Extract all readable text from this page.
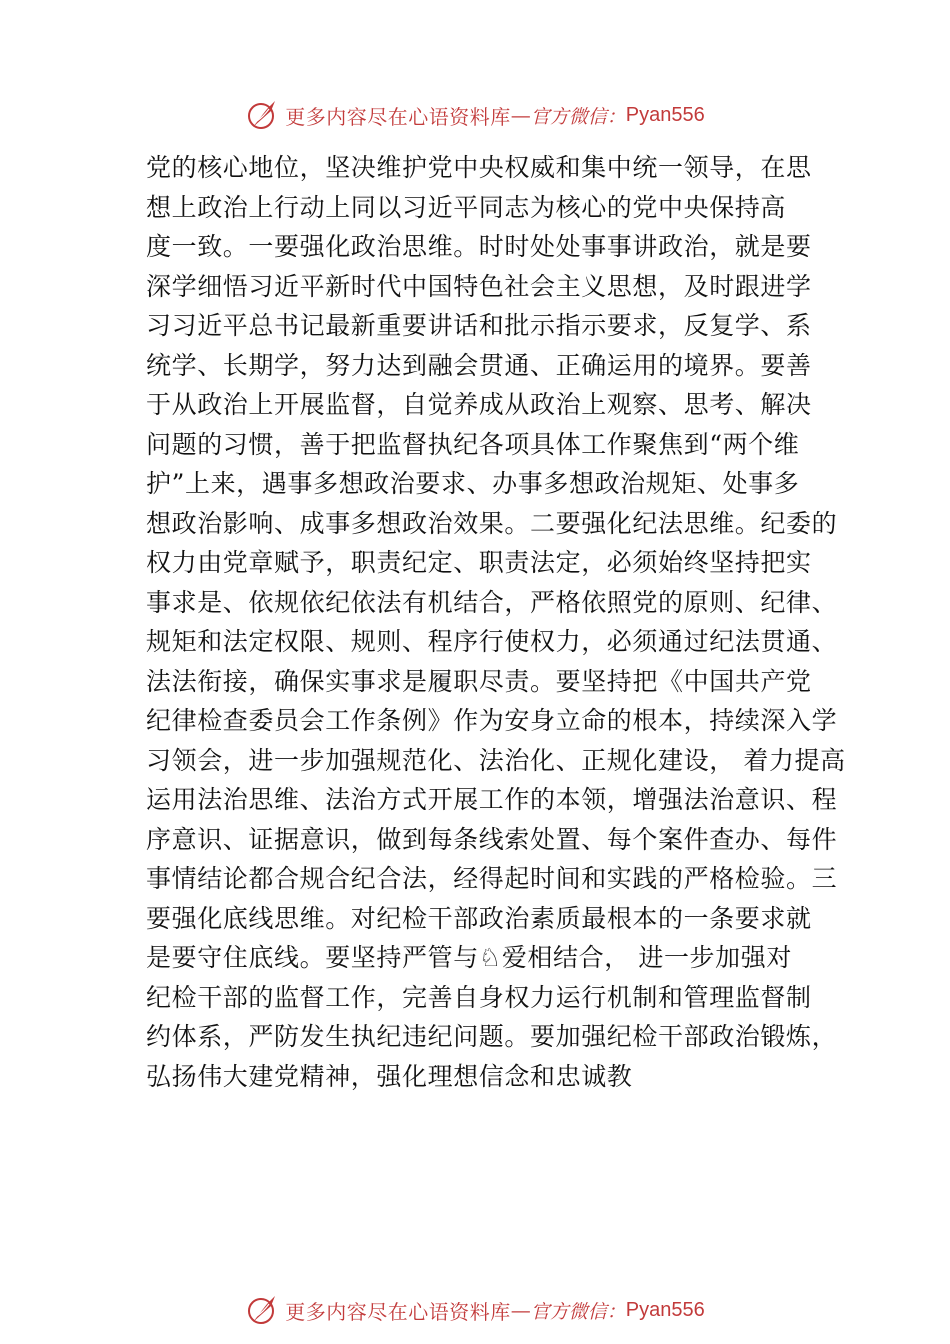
更多内容尽在心语资料库 — 官方微信： Pyan556
党的核心地位，坚决维护党中央权威和集中统一领导，在思
想上政治上行动上同以习近平同志为核心的党中央保持高
度一致。一要强化政治思维。时时处处事事讲政治，就是要
深学细悟习近平新时代中国特色社会主义思想，及时跟进学
习习近平总书记最新重要讲话和批示指示要求，反复学、系
统学、长期学，努力达到融会贯通、正确运用的境界。要善
于从政治上开展监督，自觉养成从政治上观察、思考、解决
问题的习惯，善于把监督执纪各项具体工作聚焦到“两个维
护”上来，遇事多想政治要求、办事多想政治规矩、处事多
想政治影响、成事多想政治效果。二要强化纪法思维。纪委的
权力由党章赋予，职责纪定、职责法定，必须始终坚持把实
事求是、依规依纪依法有机结合，严格依照党的原则、纪律、
规矩和法定权限、规则、程序行使权力，必须通过纪法贯通、
法法衔接，确保实事求是履职尽责。要坚持把《中国共产党
纪律检查委员会工作条例》作为安身立命的根本，持续深入学
习领会，进一步加强规范化、法治化、正规化建设， 着力提高
运用法治思维、法治方式开展工作的本领，增强法治意识、程
序意识、证据意识，做到每条线索处置、每个案件查办、每件
事情结论都合规合纪合法，经得起时间和实践的严格检验。三
要强化底线思维。对纪检干部政治素质最根本的一条要求就
是要守住底线。要坚持严管与♘爱相结合， 进一步加强对
纪检干部的监督工作，完善自身权力运行机制和管理监督制
约体系，严防发生执纪违纪问题。要加强纪检干部政治锻炼，
弘扬伟大建党精神，强化理想信念和忠诚教
更多内容尽在心语资料库 — 官方微信： Pyan556
